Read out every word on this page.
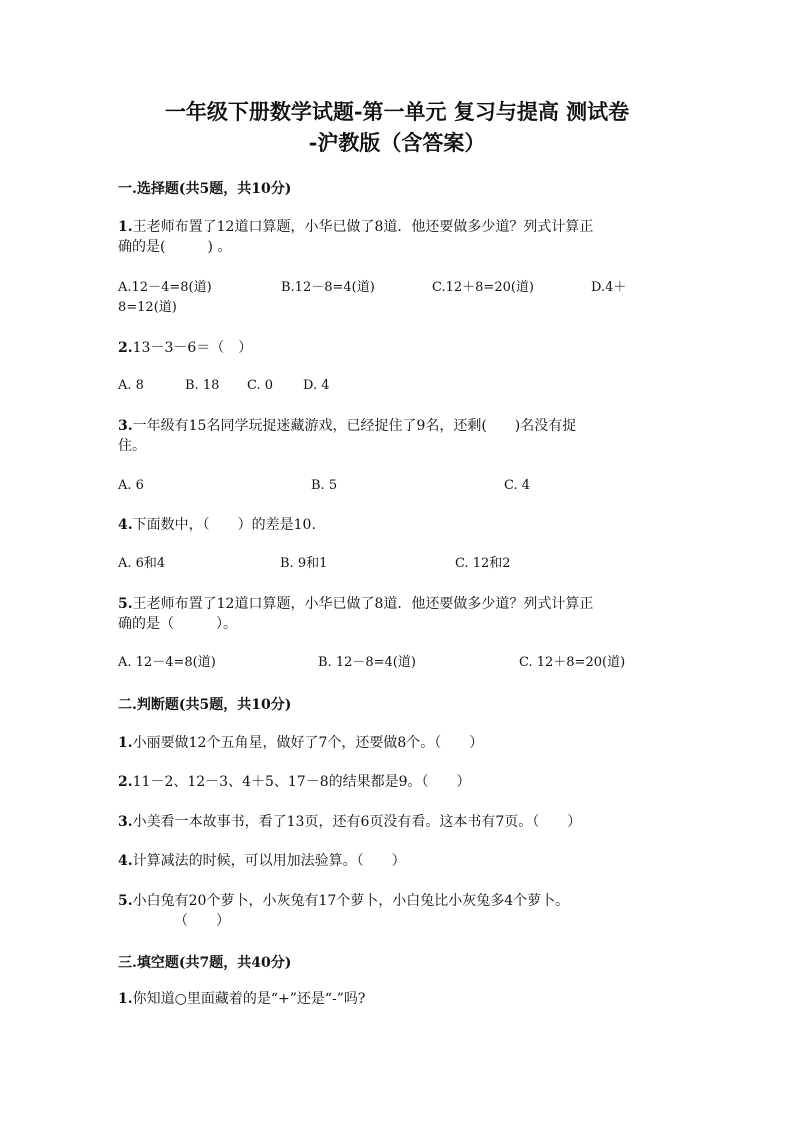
一年级下册数学试题-第一单元 复习与提高 测试卷
-沪教版（含答案）
一.选择题(共5题，共10分)
1.王老师布置了12道口算题，小华已做了8道．他还要做多少道？列式计算正
确的是(　　　) 。
A.12－4=8(道)	B.12－8=4(道)	C.12＋8=20(道)	D.4＋
8=12(道)
2.13－3－6＝（　）
A. 8	B. 18 C. 0 D. 4
3.一年级有15名同学玩捉迷藏游戏，已经捉住了9名，还剩(　　)名没有捉
住。
A. 6	B. 5	C. 4
4.下面数中，（　　）的差是10.
A. 6和4	B. 9和1	C. 12和2
5.王老师布置了12道口算题，小华已做了8道．他还要做多少道？列式计算正
确的是（　　　）。
A. 12－4=8(道)	B. 12－8=4(道)	C. 12＋8=20(道)
二.判断题(共5题，共10分)
1.小丽要做12个五角星，做好了7个，还要做8个。（　　）
2.11－2、12－3、4＋5、17－8的结果都是9。（　　）
3.小美看一本故事书，看了13页，还有6页没有看。这本书有7页。（　　）
4.计算减法的时候，可以用加法验算。（　　）
5.小白兔有20个萝卜，小灰兔有17个萝卜，小白兔比小灰兔多4个萝卜。
（　　）
三.填空题(共7题，共40分)
1.你知道○里面藏着的是“+”还是“-”吗?
